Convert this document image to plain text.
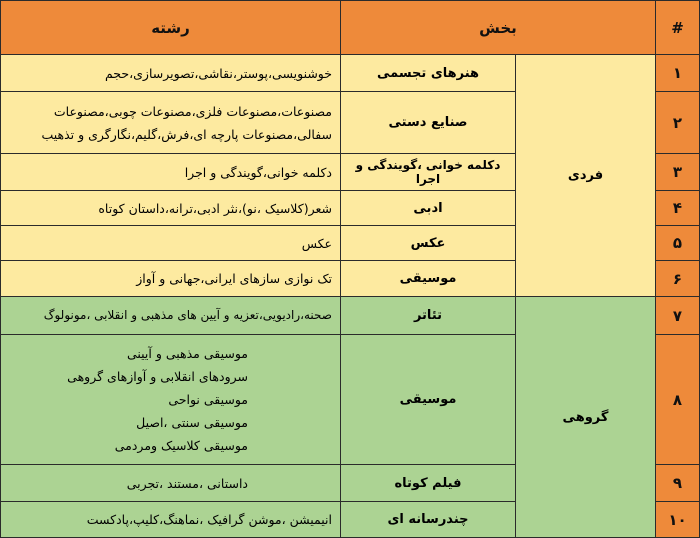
#	بخش		رشته
۱	فردی	هنرهای تجسمی	خوشنویسی،پوستر،نقاشی،تصویرسازی،حجم

۲		صنایع دستی	مصنوعات،مصنوعات فلزی،مصنوعات چوبی،مصنوعات
سفالی،مصنوعات پارچه ای،فرش،گلیم،نگارگری و تذهیب

۳		دکلمه خوانی ،گویندگی و اجرا	دکلمه خوانی،گویندگی و اجرا

۴		ادبی	شعر(کلاسیک ،نو)،نثر ادبی،ترانه،داستان کوتاه

۵		عکس	عکس

۶		موسیقی	تک نوازی سازهای ایرانی،جهانی و آواز

۷	گروهی	تئاتر	صحنه،رادیویی،تعزیه و آیین های مذهبی و انقلابی ،مونولوگ

۸		موسیقی	موسیقی مذهبی و آیینی
سرودهای انقلابی و آوازهای گروهی
موسیقی نواحی
موسیقی سنتی ،اصیل
موسیقی کلاسیک ومردمی

۹		فیلم کوتاه	داستانی ،مستند ،تجربی

۱۰		چندرسانه ای	انیمیشن ،موشن گرافیک ،نماهنگ،کلیپ،پادکست
